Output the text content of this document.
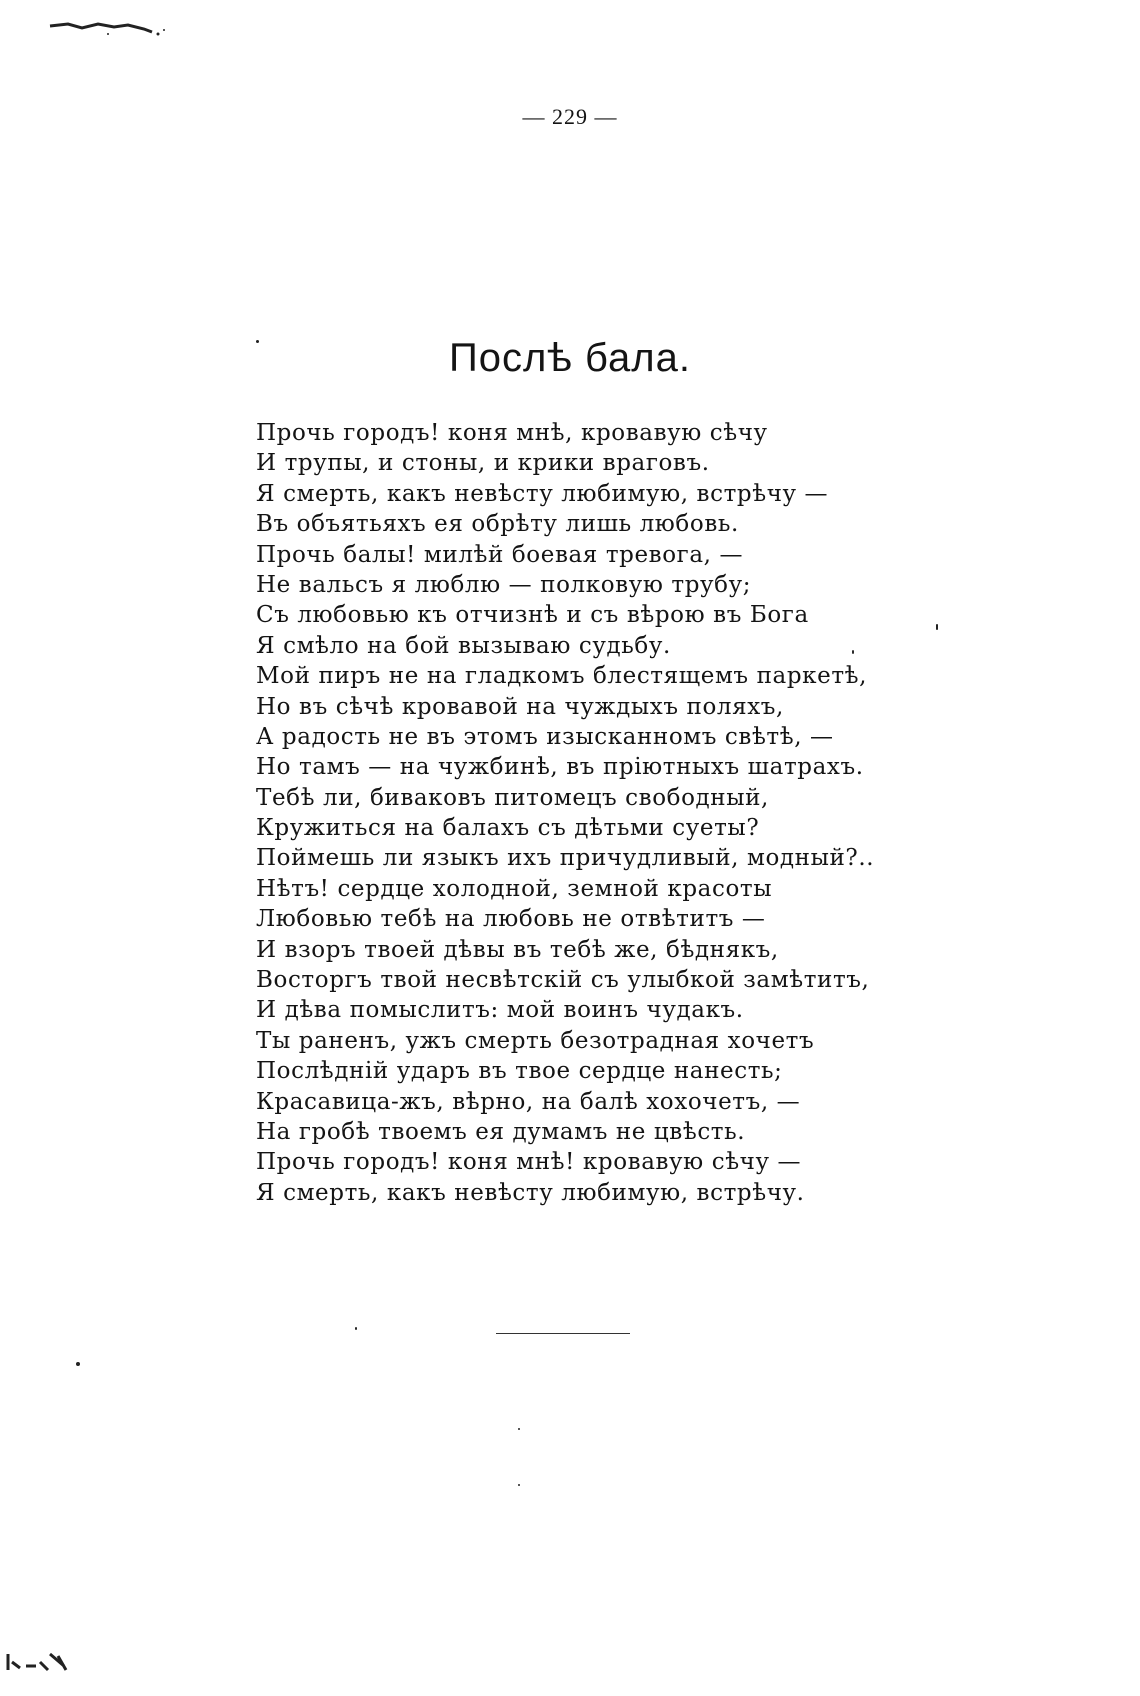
— 229 —
Послѣ бала.
Прочь городъ! коня мнѣ, кровавую сѣчу
И трупы, и стоны, и крики враговъ.
Я смерть, какъ невѣсту любимую, встрѣчу —
Въ объятьяхъ ея обрѣту лишь любовь.
Прочь балы! милѣй боевая тревога, —
Не вальсъ я люблю — полковую трубу;
Съ любовью къ отчизнѣ и съ вѣрою въ Бога
Я смѣло на бой вызываю судьбу.
Мой пиръ не на гладкомъ блестящемъ паркетѣ,
Но въ сѣчѣ кровавой на чуждыхъ поляхъ,
А радость не въ этомъ изысканномъ свѣтѣ, —
Но тамъ — на чужбинѣ, въ пріютныхъ шатрахъ.
Тебѣ ли, биваковъ питомецъ свободный,
Кружиться на балахъ съ дѣтьми суеты?
Поймешь ли языкъ ихъ причудливый, модный?..
Нѣтъ! сердце холодной, земной красоты
Любовью тебѣ на любовь не отвѣтитъ —
И взоръ твоей дѣвы въ тебѣ же, бѣднякъ,
Восторгъ твой несвѣтскій съ улыбкой замѣтитъ,
И дѣва помыслитъ: мой воинъ чудакъ.
Ты раненъ, ужъ смерть безотрадная хочетъ
Послѣдній ударъ въ твое сердце нанесть;
Красавица-жъ, вѣрно, на балѣ хохочетъ, —
На гробѣ твоемъ ея думамъ не цвѣсть.
Прочь городъ! коня мнѣ! кровавую сѣчу —
Я смерть, какъ невѣсту любимую, встрѣчу.
